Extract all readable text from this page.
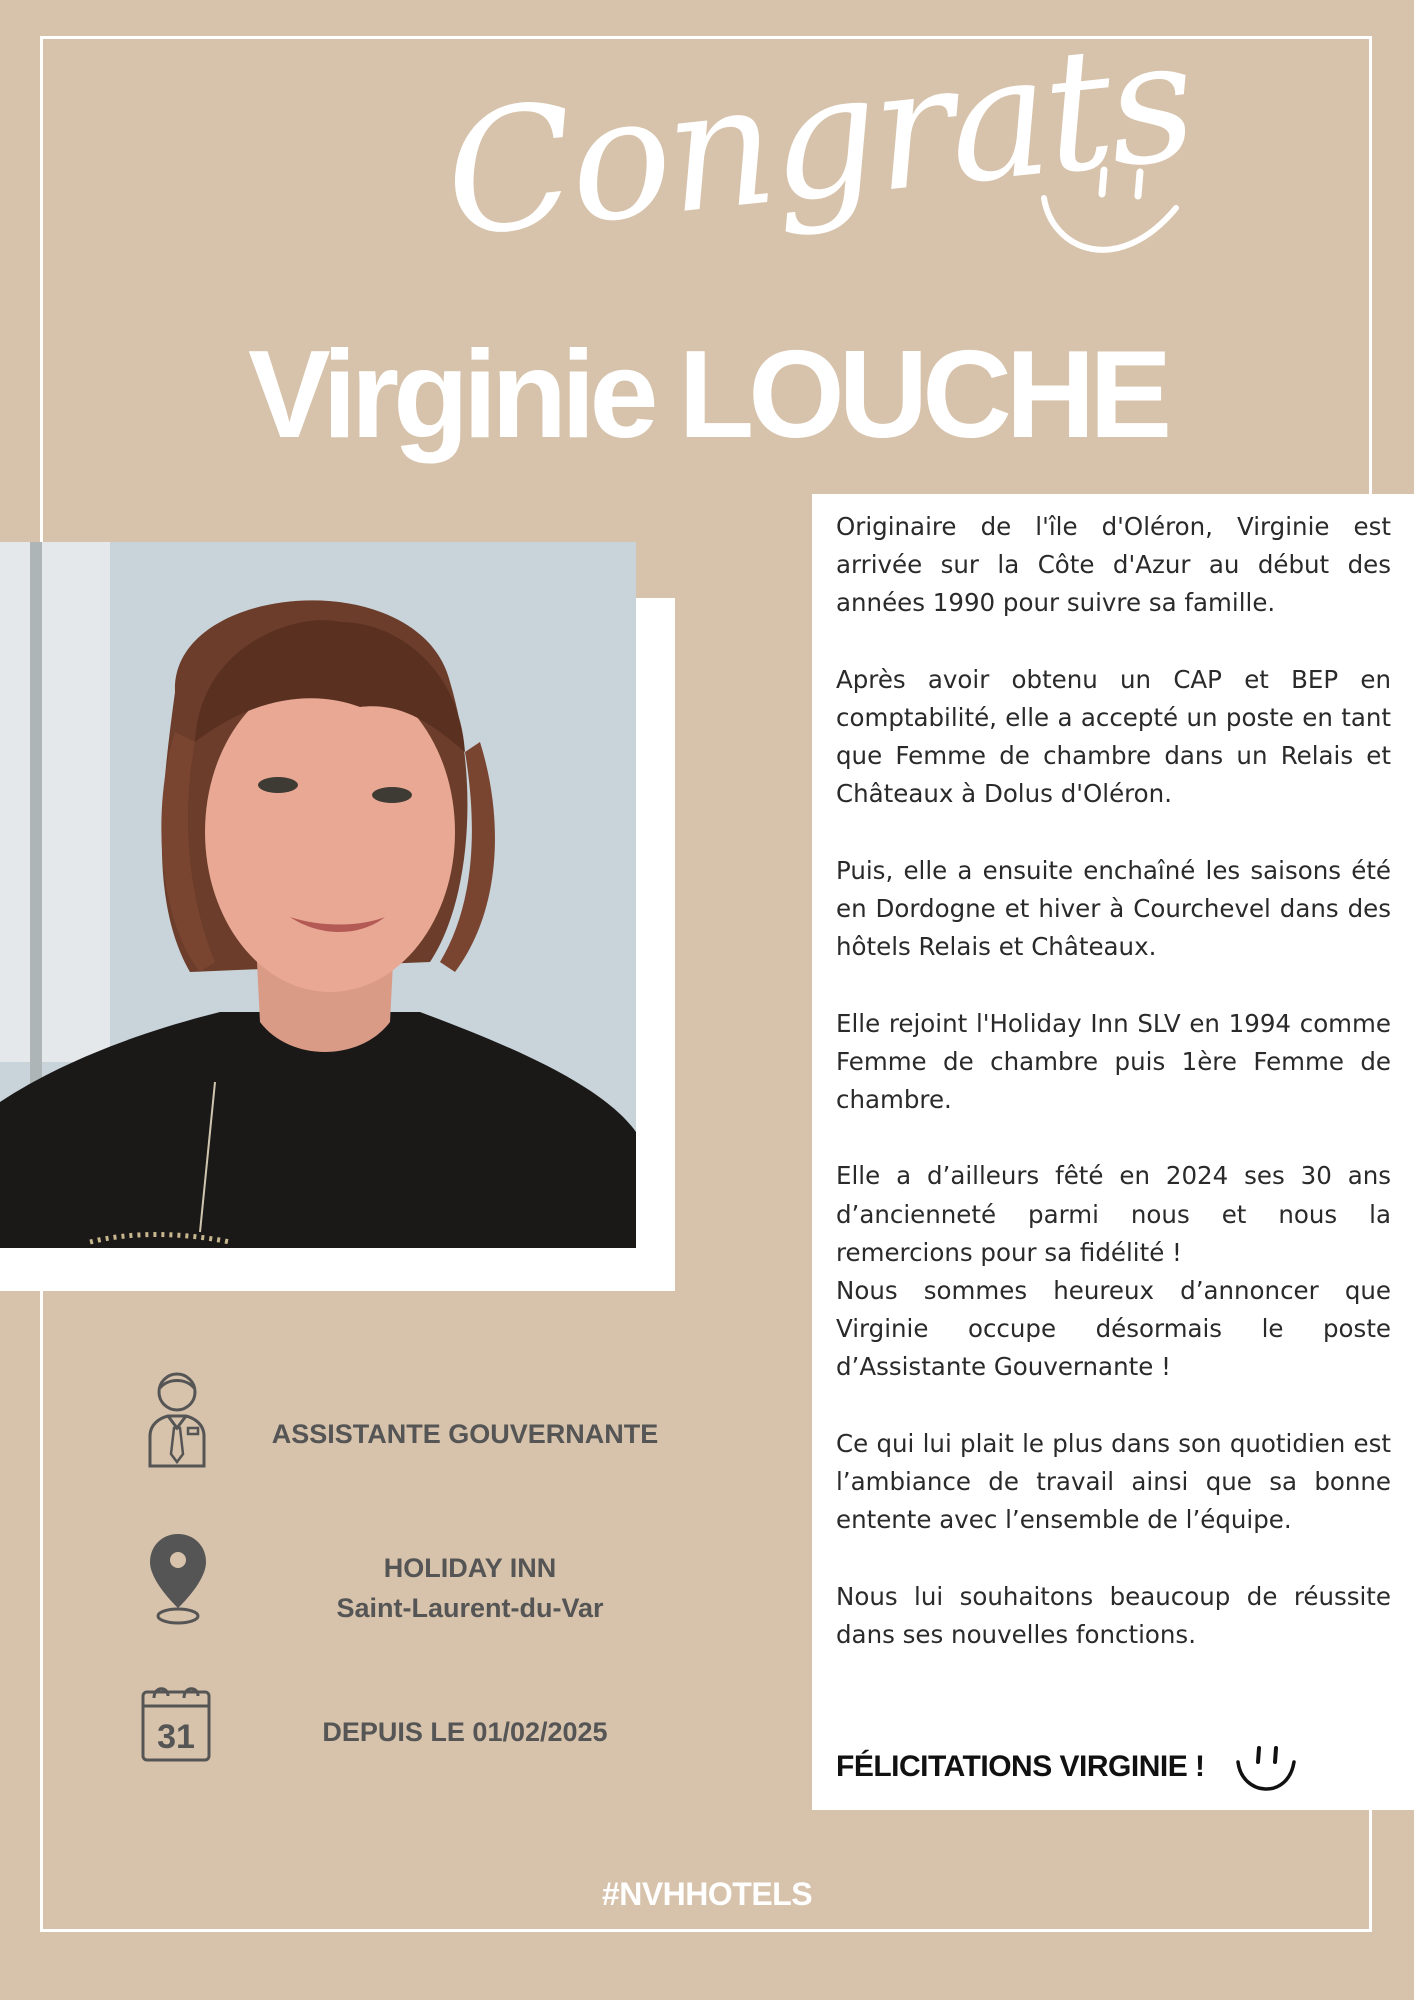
Congrats
Virginie LOUCHE

Originaire de l'île d'Oléron, Virginie est arrivée sur la Côte d'Azur au début des années 1990 pour suivre sa famille.

Après avoir obtenu un CAP et BEP en comptabilité, elle a accepté un poste en tant que Femme de chambre dans un Relais et Châteaux à Dolus d'Oléron.

Puis, elle a ensuite enchaîné les saisons été en Dordogne et hiver à Courchevel dans des hôtels Relais et Châteaux.

Elle rejoint l'Holiday Inn SLV en 1994 comme Femme de chambre puis 1ère Femme de chambre.

Elle a d’ailleurs fêté en 2024 ses 30 ans d’ancienneté parmi nous et nous la remercions pour sa fidélité !

Nous sommes heureux d’annoncer que Virginie occupe désormais le poste d’Assistante Gouvernante !

Ce qui lui plait le plus dans son quotidien est l’ambiance de travail ainsi que sa bonne entente avec l’ensemble de l’équipe.

Nous lui souhaitons beaucoup de réussite dans ses nouvelles fonctions.

FÉLICITATIONS VIRGINIE !
ASSISTANTE GOUVERNANTE
HOLIDAY INN
Saint-Laurent-du-Var
31	DEPUIS LE 01/02/2025
#NVHHOTELS
